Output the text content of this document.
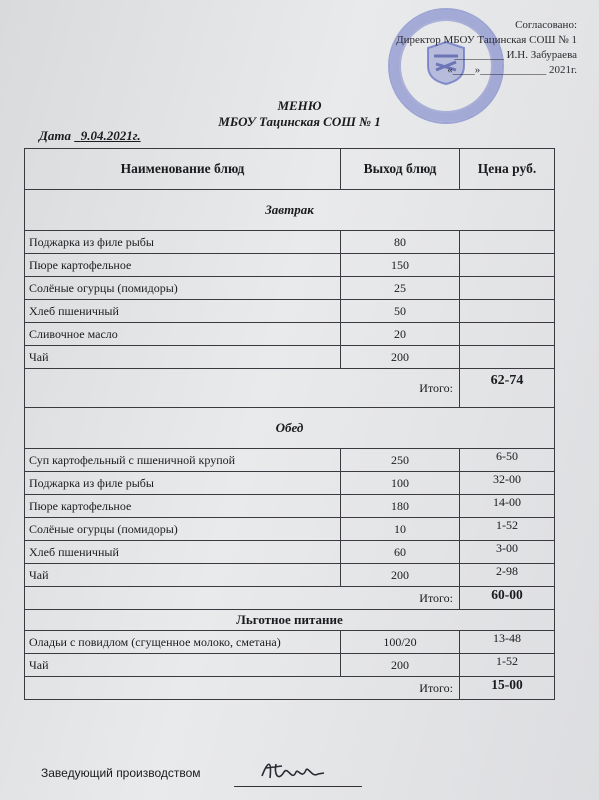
Согласовано:
Директор МБОУ Тацинская СОШ № 1
_________ И.Н. Забураева
«____»____________ 2021г.
МЕНЮ
МБОУ Тацинская СОШ № 1
Дата 9.04.2021г.
Наименование блюд	Выход блюд	Цена руб.
Завтрак		
Поджарка из филе рыбы	80	
Пюре картофельное	150	
Солёные огурцы (помидоры)	25	
Хлеб пшеничный	50	
Сливочное масло	20	
Чай	200	
Итого:		62-74
Обед		
Суп картофельный с пшеничной крупой	250	6-50
Поджарка из филе рыбы	100	32-00
Пюре картофельное	180	14-00
Солёные огурцы (помидоры)	10	1-52
Хлеб пшеничный	60	3-00
Чай	200	2-98
Итого:		60-00
Льготное питание		
Оладьи с повидлом (сгущенное молоко, сметана)	100/20	13-48
Чай	200	1-52
Итого:		15-00
Заведующий производством
